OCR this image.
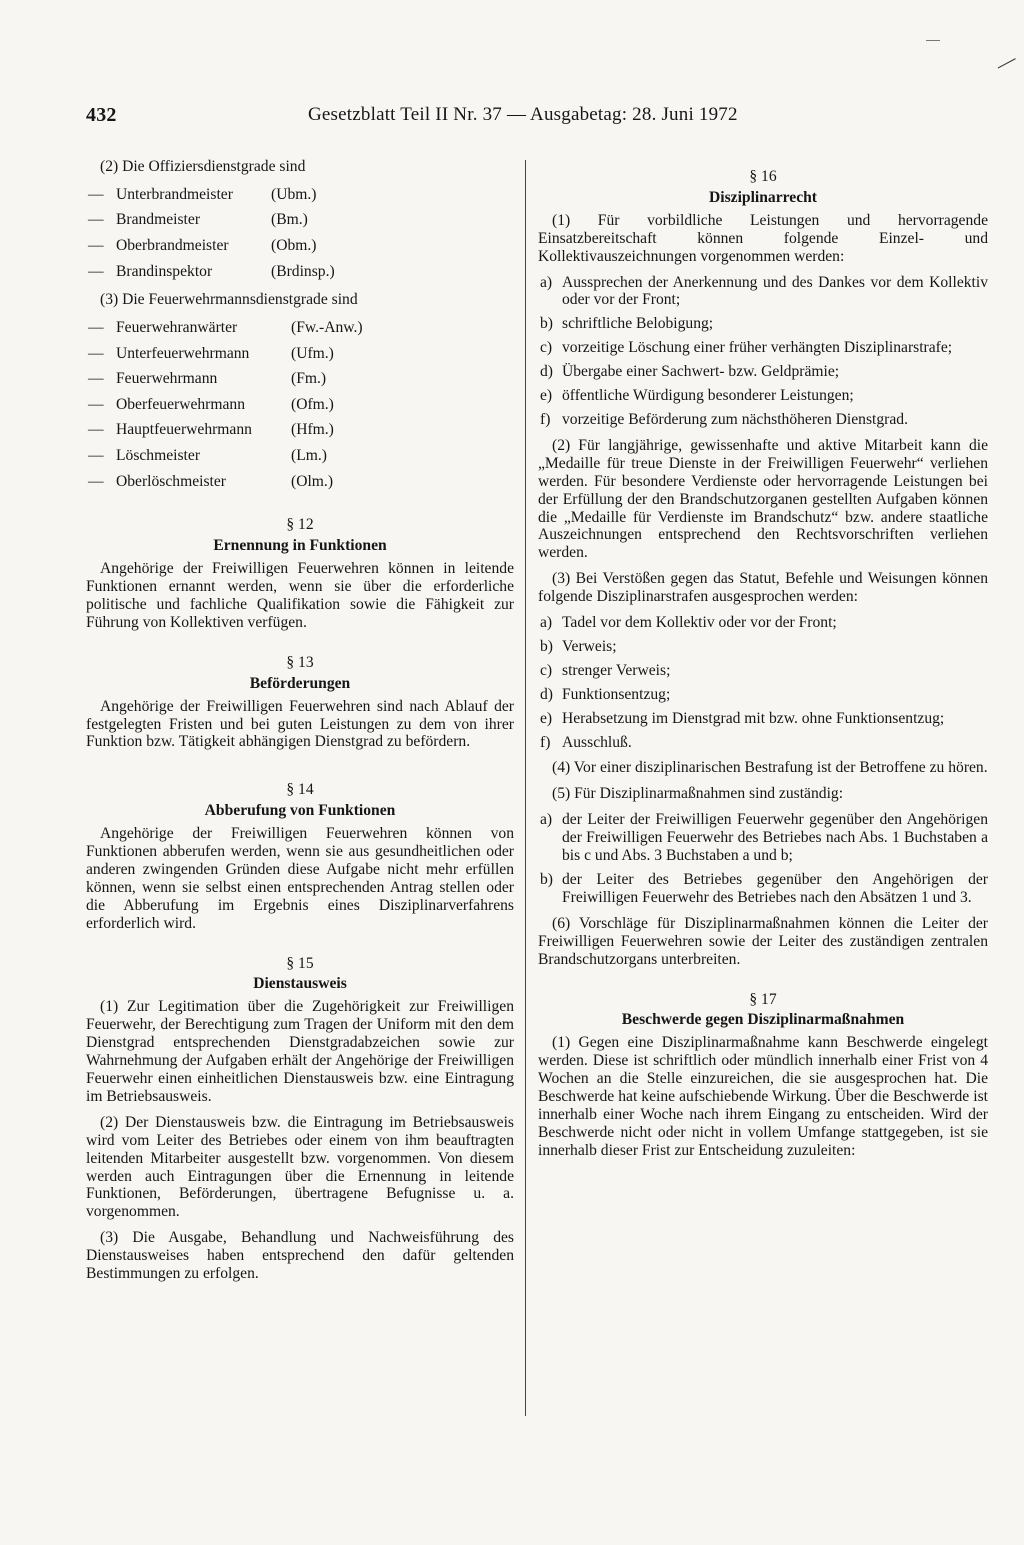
432	Gesetzblatt Teil II Nr. 37 — Ausgabetag: 28. Juni 1972

(2) Die Offiziersdienstgrade sind

— Unterbrandmeister	(Ubm.)
— Brandmeister	(Bm.)
— Oberbrandmeister	(Obm.)
— Brandinspektor	(Brdinsp.)

(3) Die Feuerwehrmannsdienstgrade sind

— Feuerwehranwärter	(Fw.-Anw.)
— Unterfeuerwehrmann	(Ufm.)
— Feuerwehrmann	(Fm.)
— Oberfeuerwehrmann	(Ofm.)
— Hauptfeuerwehrmann	(Hfm.)
— Löschmeister	(Lm.)
— Oberlöschmeister	(Olm.)
§ 12
Ernennung in Funktionen

Angehörige der Freiwilligen Feuerwehren können in leitende Funktionen ernannt werden, wenn sie über die erforderliche politische und fachliche Qualifikation sowie die Fähigkeit zur Führung von Kollektiven verfügen.

§ 13
Beförderungen

Angehörige der Freiwilligen Feuerwehren sind nach Ablauf der festgelegten Fristen und bei guten Leistungen zu dem von ihrer Funktion bzw. Tätigkeit abhängigen Dienstgrad zu befördern.

§ 14
Abberufung von Funktionen

Angehörige der Freiwilligen Feuerwehren können von Funktionen abberufen werden, wenn sie aus gesundheitlichen oder anderen zwingenden Gründen diese Aufgabe nicht mehr erfüllen können, wenn sie selbst einen entsprechenden Antrag stellen oder die Abberufung im Ergebnis eines Disziplinarverfahrens erforderlich wird.

§ 15
Dienstausweis

(1) Zur Legitimation über die Zugehörigkeit zur Freiwilligen Feuerwehr, der Berechtigung zum Tragen der Uniform mit den dem Dienstgrad entsprechenden Dienstgradabzeichen sowie zur Wahrnehmung der Aufgaben erhält der Angehörige der Freiwilligen Feuerwehr einen einheitlichen Dienstausweis bzw. eine Eintragung im Betriebsausweis.

(2) Der Dienstausweis bzw. die Eintragung im Betriebsausweis wird vom Leiter des Betriebes oder einem von ihm beauftragten leitenden Mitarbeiter ausgestellt bzw. vorgenommen. Von diesem werden auch Eintragungen über die Ernennung in leitende Funktionen, Beförderungen, übertragene Befugnisse u. a. vorgenommen.

(3) Die Ausgabe, Behandlung und Nachweisführung des Dienstausweises haben entsprechend den dafür geltenden Bestimmungen zu erfolgen.

§ 16
Disziplinarrecht

(1) Für vorbildliche Leistungen und hervorragende Einsatzbereitschaft können folgende Einzel- und Kollektivauszeichnungen vorgenommen werden:

a) Aussprechen der Anerkennung und des Dankes vor dem Kollektiv oder vor der Front;
b) schriftliche Belobigung;
c) vorzeitige Löschung einer früher verhängten Disziplinarstrafe;
d) Übergabe einer Sachwert- bzw. Geldprämie;
e) öffentliche Würdigung besonderer Leistungen;
f) vorzeitige Beförderung zum nächsthöheren Dienstgrad.

(2) Für langjährige, gewissenhafte und aktive Mitarbeit kann die „Medaille für treue Dienste in der Freiwilligen Feuerwehr“ verliehen werden. Für besondere Verdienste oder hervorragende Leistungen bei der Erfüllung der den Brandschutzorganen gestellten Aufgaben können die „Medaille für Verdienste im Brandschutz“ bzw. andere staatliche Auszeichnungen entsprechend den Rechtsvorschriften verliehen werden.

(3) Bei Verstößen gegen das Statut, Befehle und Weisungen können folgende Disziplinarstrafen ausgesprochen werden:

a) Tadel vor dem Kollektiv oder vor der Front;
b) Verweis;
c) strenger Verweis;
d) Funktionsentzug;
e) Herabsetzung im Dienstgrad mit bzw. ohne Funktionsentzug;
f) Ausschluß.

(4) Vor einer disziplinarischen Bestrafung ist der Betroffene zu hören.

(5) Für Disziplinarmaßnahmen sind zuständig:

a) der Leiter der Freiwilligen Feuerwehr gegenüber den Angehörigen der Freiwilligen Feuerwehr des Betriebes nach Abs. 1 Buchstaben a bis c und Abs. 3 Buchstaben a und b;
b) der Leiter des Betriebes gegenüber den Angehörigen der Freiwilligen Feuerwehr des Betriebes nach den Absätzen 1 und 3.

(6) Vorschläge für Disziplinarmaßnahmen können die Leiter der Freiwilligen Feuerwehren sowie der Leiter des zuständigen zentralen Brandschutzorgans unterbreiten.

§ 17
Beschwerde gegen Disziplinarmaßnahmen

(1) Gegen eine Disziplinarmaßnahme kann Beschwerde eingelegt werden. Diese ist schriftlich oder mündlich innerhalb einer Frist von 4 Wochen an die Stelle einzureichen, die sie ausgesprochen hat. Die Beschwerde hat keine aufschiebende Wirkung. Über die Beschwerde ist innerhalb einer Woche nach ihrem Eingang zu entscheiden. Wird der Beschwerde nicht oder nicht in vollem Umfange stattgegeben, ist sie innerhalb dieser Frist zur Entscheidung zuzuleiten:
